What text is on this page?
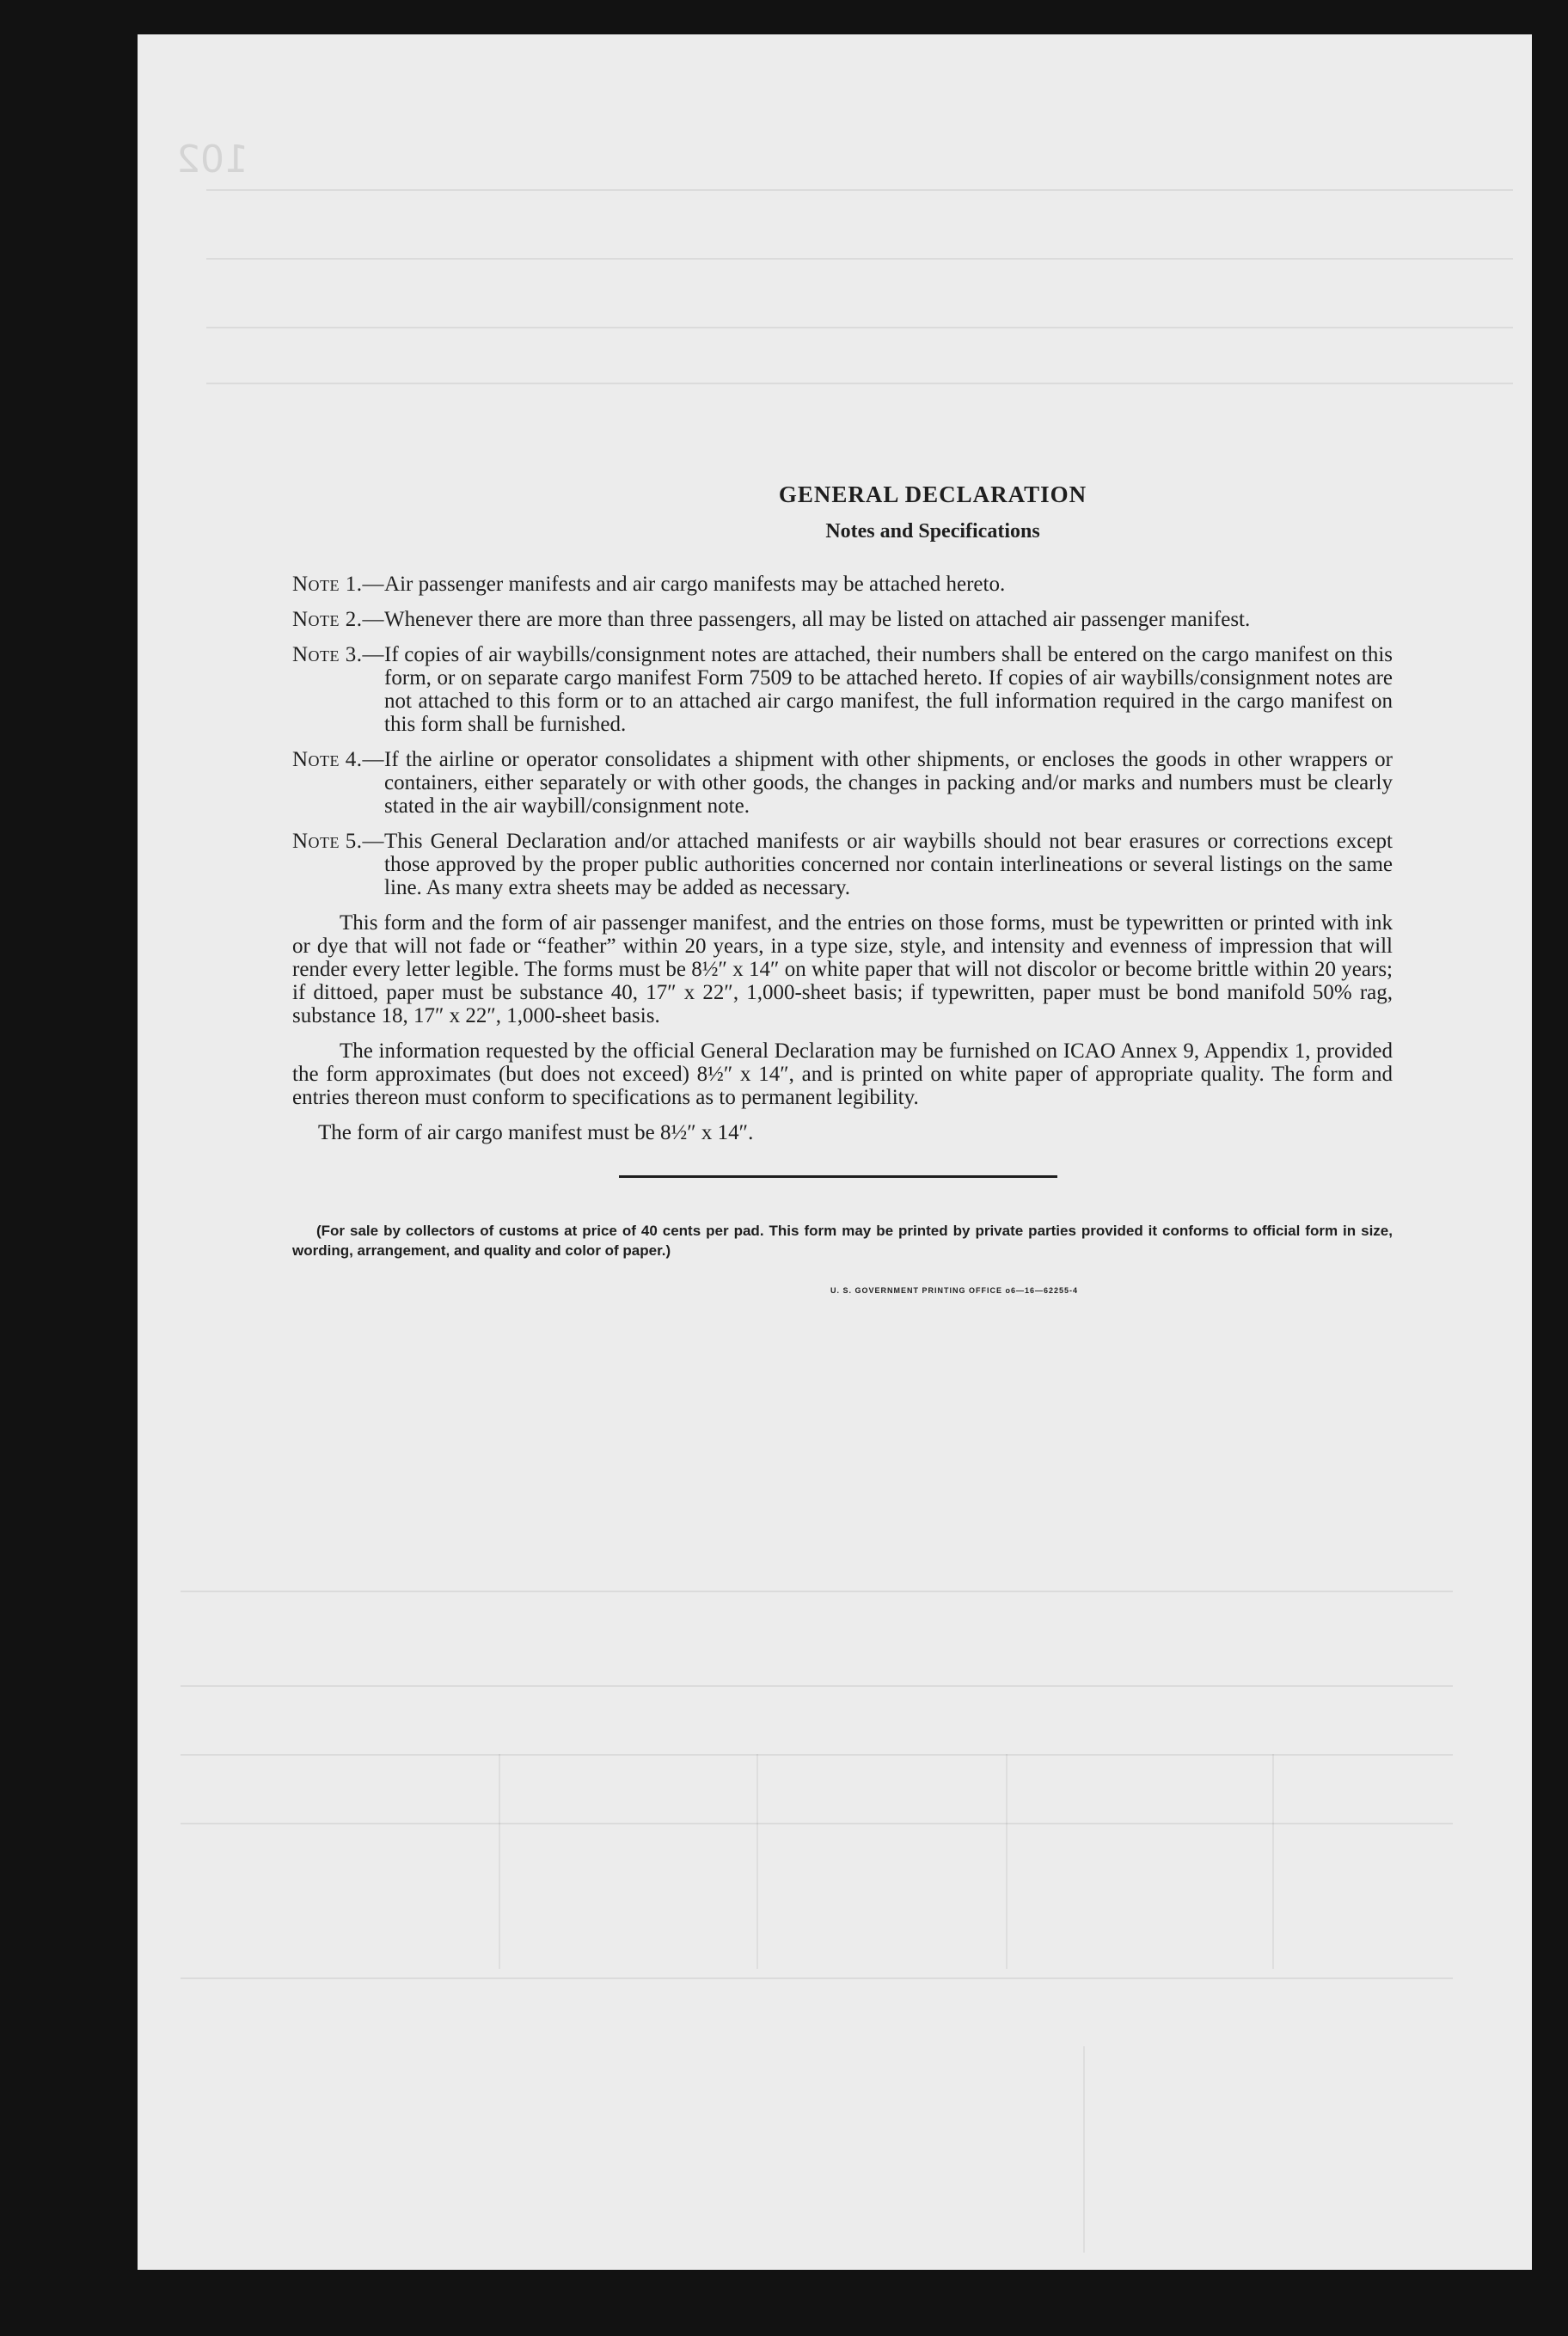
102
GENERAL DECLARATION
Notes and Specifications
Note 1.— Air passenger manifests and air cargo manifests may be attached hereto.
Note 2.— Whenever there are more than three passengers, all may be listed on attached air passenger manifest.
Note 3.— If copies of air waybills/consignment notes are attached, their numbers shall be entered on the cargo manifest on this form, or on separate cargo manifest Form 7509 to be attached hereto. If copies of air waybills/consignment notes are not attached to this form or to an attached air cargo manifest, the full information required in the cargo manifest on this form shall be furnished.
Note 4.— If the airline or operator consolidates a shipment with other shipments, or encloses the goods in other wrappers or containers, either separately or with other goods, the changes in packing and/or marks and numbers must be clearly stated in the air waybill/consignment note.
Note 5.— This General Declaration and/or attached manifests or air waybills should not bear erasures or corrections except those approved by the proper public authorities concerned nor contain interlineations or several listings on the same line. As many extra sheets may be added as necessary.

This form and the form of air passenger manifest, and the entries on those forms, must be typewritten or printed with ink or dye that will not fade or “feather” within 20 years, in a type size, style, and intensity and evenness of impression that will render every letter legible. The forms must be 8½″ x 14″ on white paper that will not discolor or become brittle within 20 years; if dittoed, paper must be substance 40, 17″ x 22″, 1,000-sheet basis; if typewritten, paper must be bond manifold 50% rag, substance 18, 17″ x 22″, 1,000-sheet basis.

The information requested by the official General Declaration may be furnished on ICAO Annex 9, Appendix 1, provided the form approximates (but does not exceed) 8½″ x 14″, and is printed on white paper of appropriate quality. The form and entries thereon must conform to specifications as to permanent legibility.

The form of air cargo manifest must be 8½″ x 14″.

(For sale by collectors of customs at price of 40 cents per pad. This form may be printed by private parties provided it conforms to official form in size, wording, arrangement, and quality and color of paper.)
U. S. GOVERNMENT PRINTING OFFICE o6—16—62255-4
